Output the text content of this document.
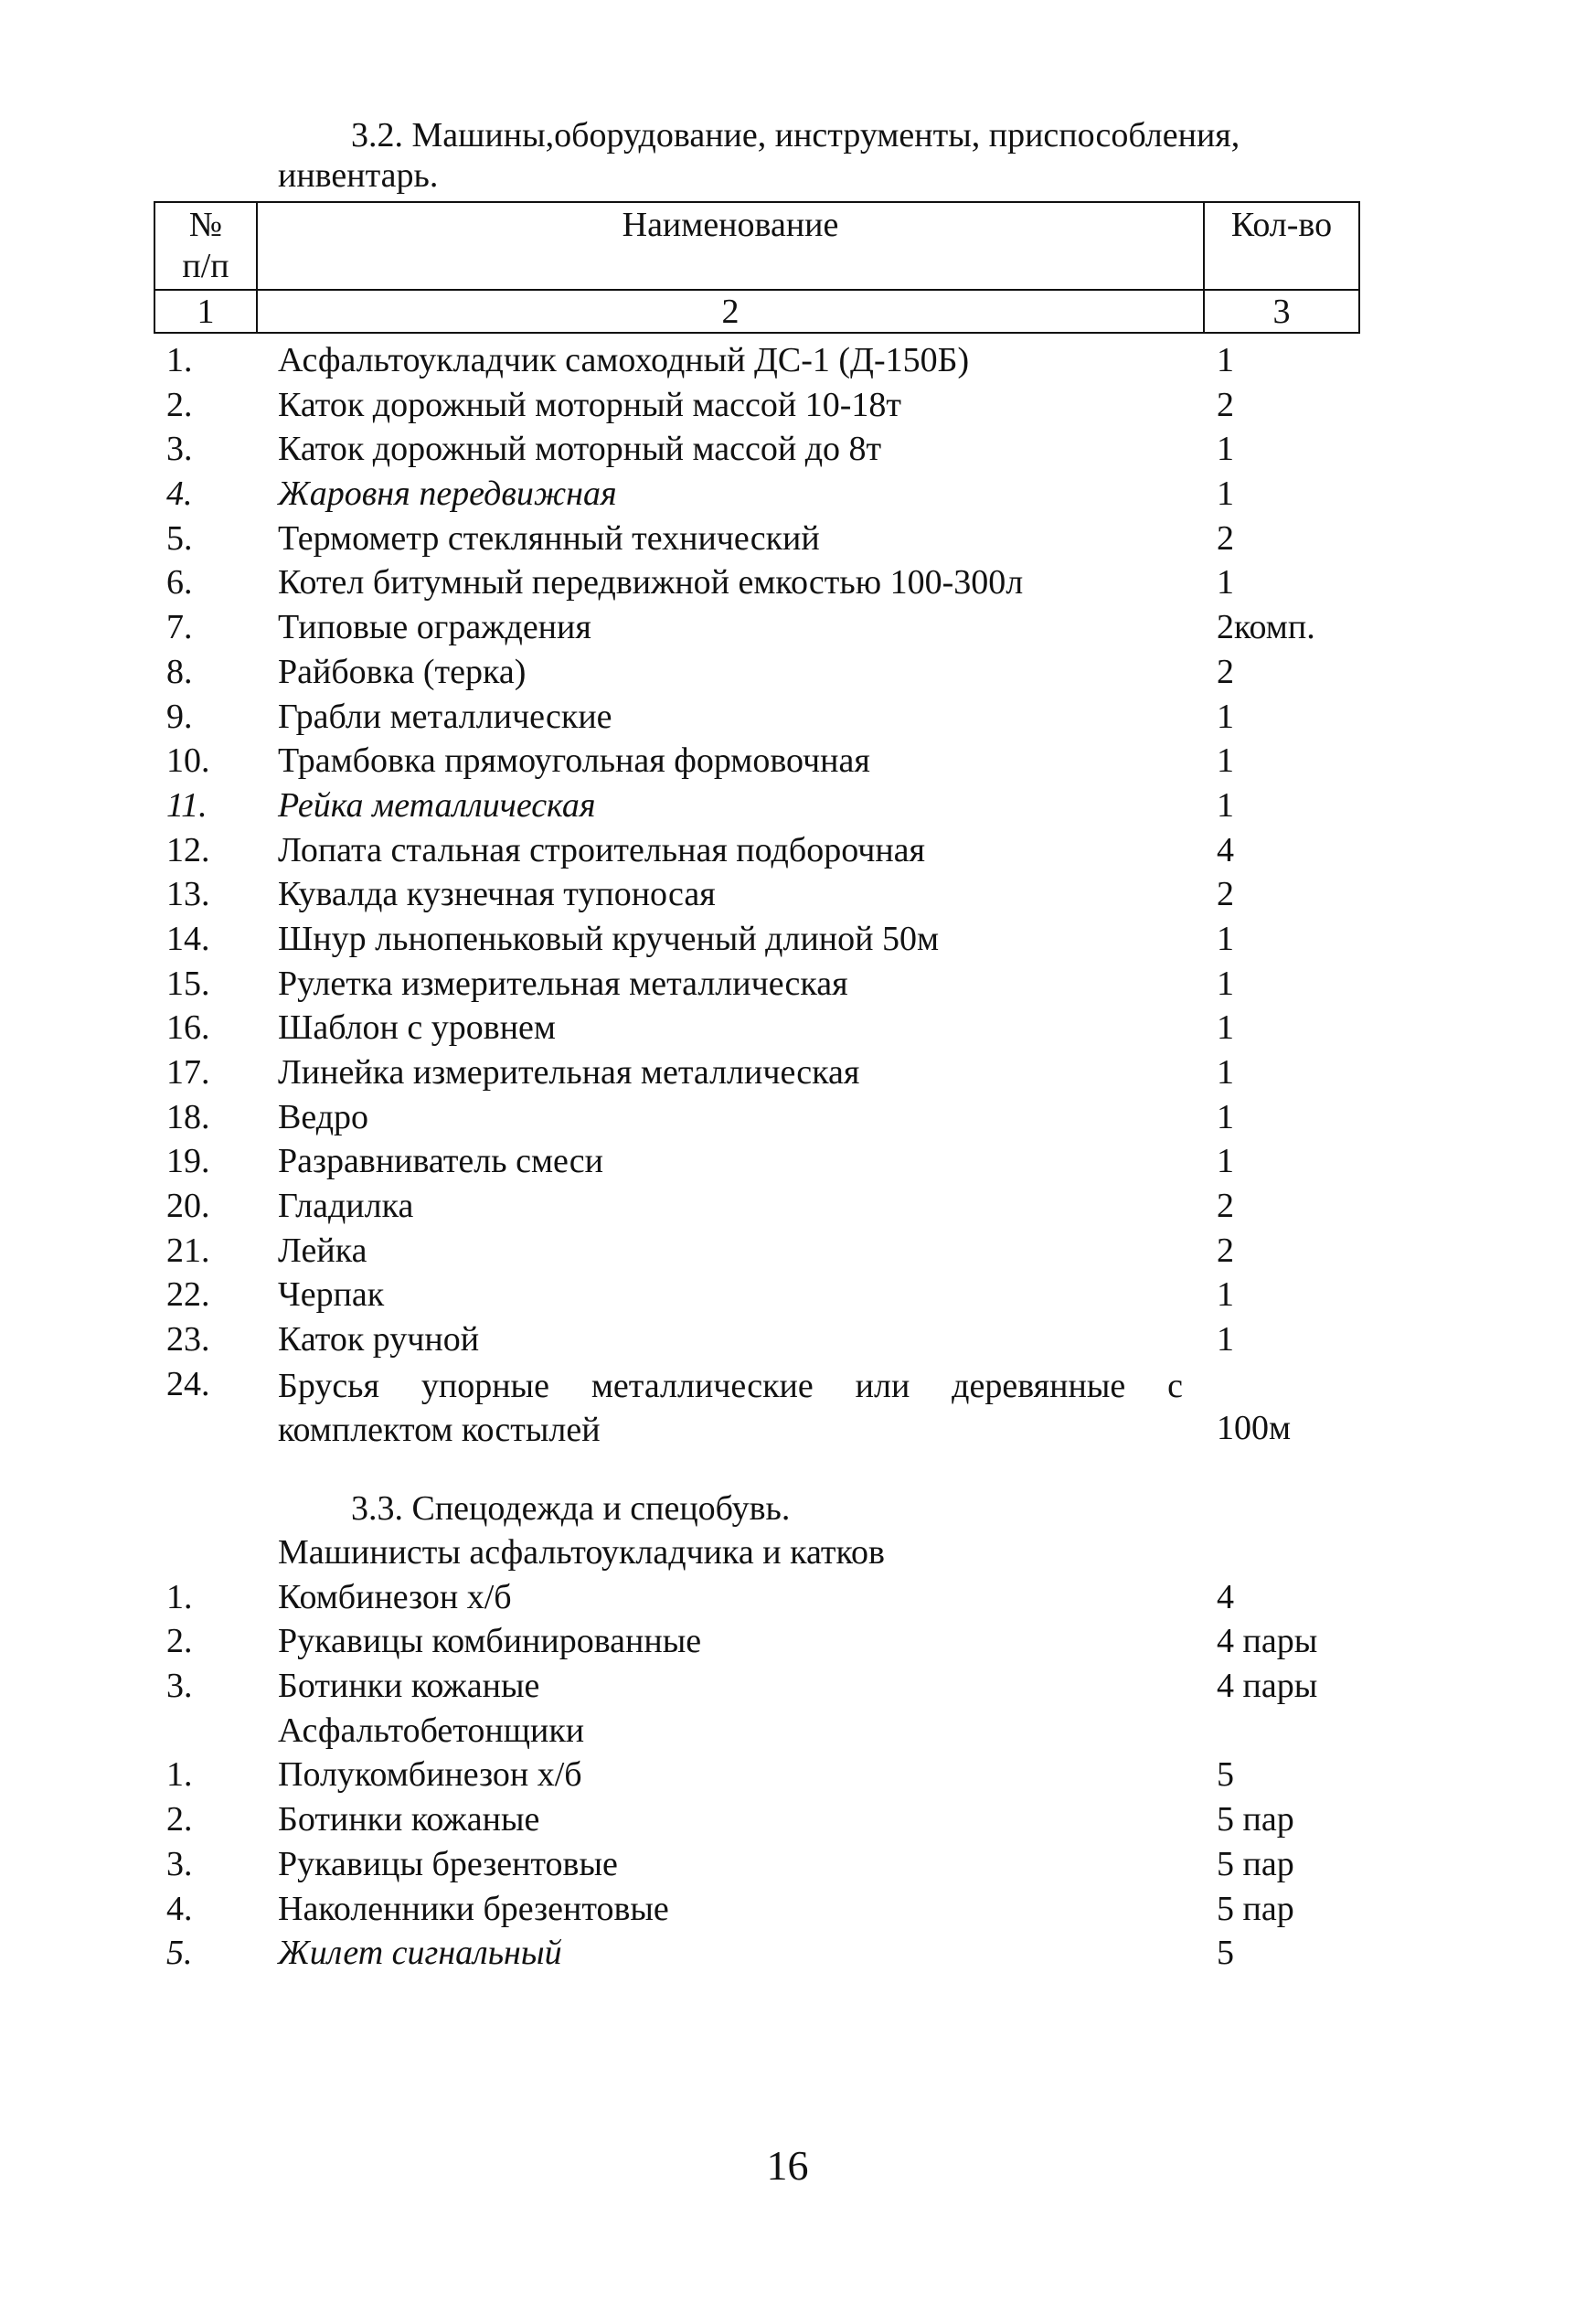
3.2. Машины,оборудование, инструменты, приспособления,
инвентарь.
№
п/п	Наименование	Кол-во

1	2	3
1. Асфальтоукладчик самоходный ДС-1 (Д-150Б)	1
2. Каток дорожный моторный массой 10-18т	2
3. Каток дорожный моторный массой до 8т	1
4. Жаровня передвижная	1
5. Термометр стеклянный технический	2
6. Котел битумный передвижной емкостью 100-300л	1
7. Типовые ограждения	2комп.
8. Райбовка (терка)	2
9. Грабли металлические	1
10. Трамбовка прямоугольная формовочная	1
11. Рейка металлическая	1
12. Лопата стальная строительная подборочная	4
13. Кувалда кузнечная тупоносая	2
14. Шнур льнопеньковый крученый длиной 50м	1
15. Рулетка измерительная металлическая	1
16. Шаблон с уровнем	1
17. Линейка измерительная металлическая	1
18. Ведро	1
19. Разравниватель смеси	1
20. Гладилка	2
21. Лейка	2
22. Черпак	1
23. Каток ручной	1
24. Брусья упорные металлические или деревянные с комплектом костылей	100м
3.3. Спецодежда и спецобувь.
Машинисты асфальтоукладчика и катков
1. Комбинезон х/б	4
2. Рукавицы комбинированные	4 пары
3. Ботинки кожаные	4 пары
Асфальтобетонщики
1. Полукомбинезон х/б	5
2. Ботинки кожаные	5 пар
3. Рукавицы брезентовые	5 пар
4. Наколенники брезентовые	5 пар
5. Жилет сигнальный	5
16
